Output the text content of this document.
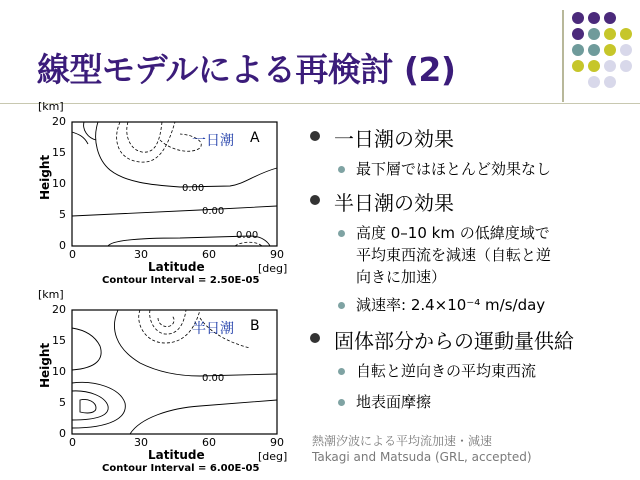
線型モデルによる再検討 (2)
[km]
Height
20
15
10
5
0
0.00
0.00
0.00
0	30	60	90
Latitude	[deg]
Contour Interval = 2.50E-05
一日潮 A
[km]
Height
20
15
10
5
0
0.00
0	30	60	90
Latitude	[deg]
Contour Interval = 6.00E-05
半日潮 B
一日潮の効果
最下層ではほとんど効果なし
半日潮の効果
高度 0–10 km の低緯度域で
平均東西流を減速（自転と逆
向きに加速）
減速率: 2.4×10⁻⁴ m/s/day
固体部分からの運動量供給
自転と逆向きの平均東西流
地表面摩擦
熱潮汐波による平均流加速・減速
Takagi and Matsuda (GRL, accepted)
